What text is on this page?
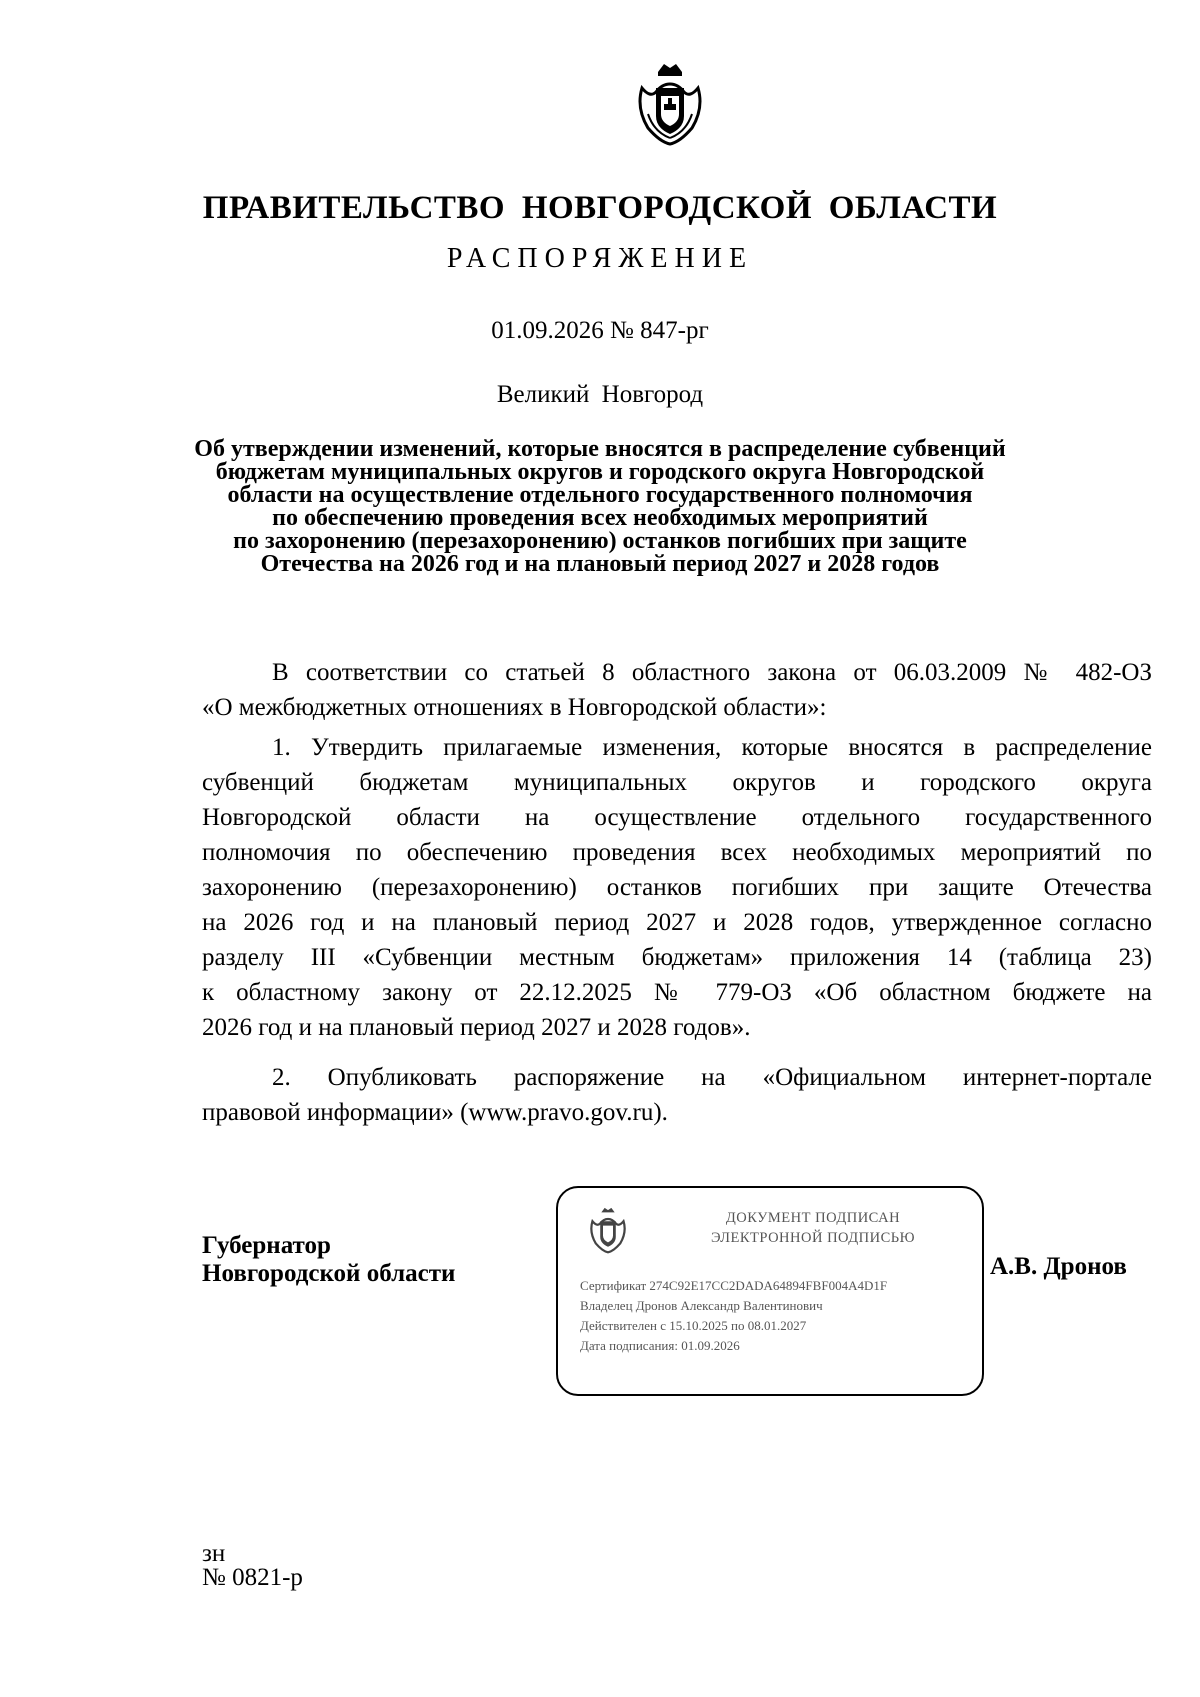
ПРАВИТЕЛЬСТВО НОВГОРОДСКОЙ ОБЛАСТИ
РАСПОРЯЖЕНИЕ
01.09.2026 № 847-рг
Великий Новгород
Об утверждении изменений, которые вносятся в распределение субвенций
бюджетам муниципальных округов и городского округа Новгородской
области на осуществление отдельного государственного полномочия
по обеспечению проведения всех необходимых мероприятий
по захоронению (перезахоронению) останков погибших при защите
Отечества на 2026 год и на плановый период 2027 и 2028 годов
В соответствии со статьей 8 областного закона от 06.03.2009 № 482-ОЗ
«О межбюджетных отношениях в Новгородской области»:
1. Утвердить прилагаемые изменения, которые вносятся в распределение
субвенций бюджетам муниципальных округов и городского округа
Новгородской области на осуществление отдельного государственного
полномочия по обеспечению проведения всех необходимых мероприятий по
захоронению (перезахоронению) останков погибших при защите Отечества
на 2026 год и на плановый период 2027 и 2028 годов, утвержденное согласно
разделу III «Субвенции местным бюджетам» приложения 14 (таблица 23)
к областному закону от 22.12.2025 № 779-ОЗ «Об областном бюджете на
2026 год и на плановый период 2027 и 2028 годов».
2. Опубликовать распоряжение на «Официальном интернет-портале
правовой информации» (www.pravo.gov.ru).
Губернатор
Новгородской области
ДОКУМЕНТ ПОДПИСАН
ЭЛЕКТРОННОЙ ПОДПИСЬЮ
Сертификат 274C92E17CC2DADA64894FBF004A4D1F
Владелец Дронов Александр Валентинович
Действителен с 15.10.2025 по 08.01.2027
Дата подписания: 01.09.2026
А.В. Дронов
зн
№ 0821-р
